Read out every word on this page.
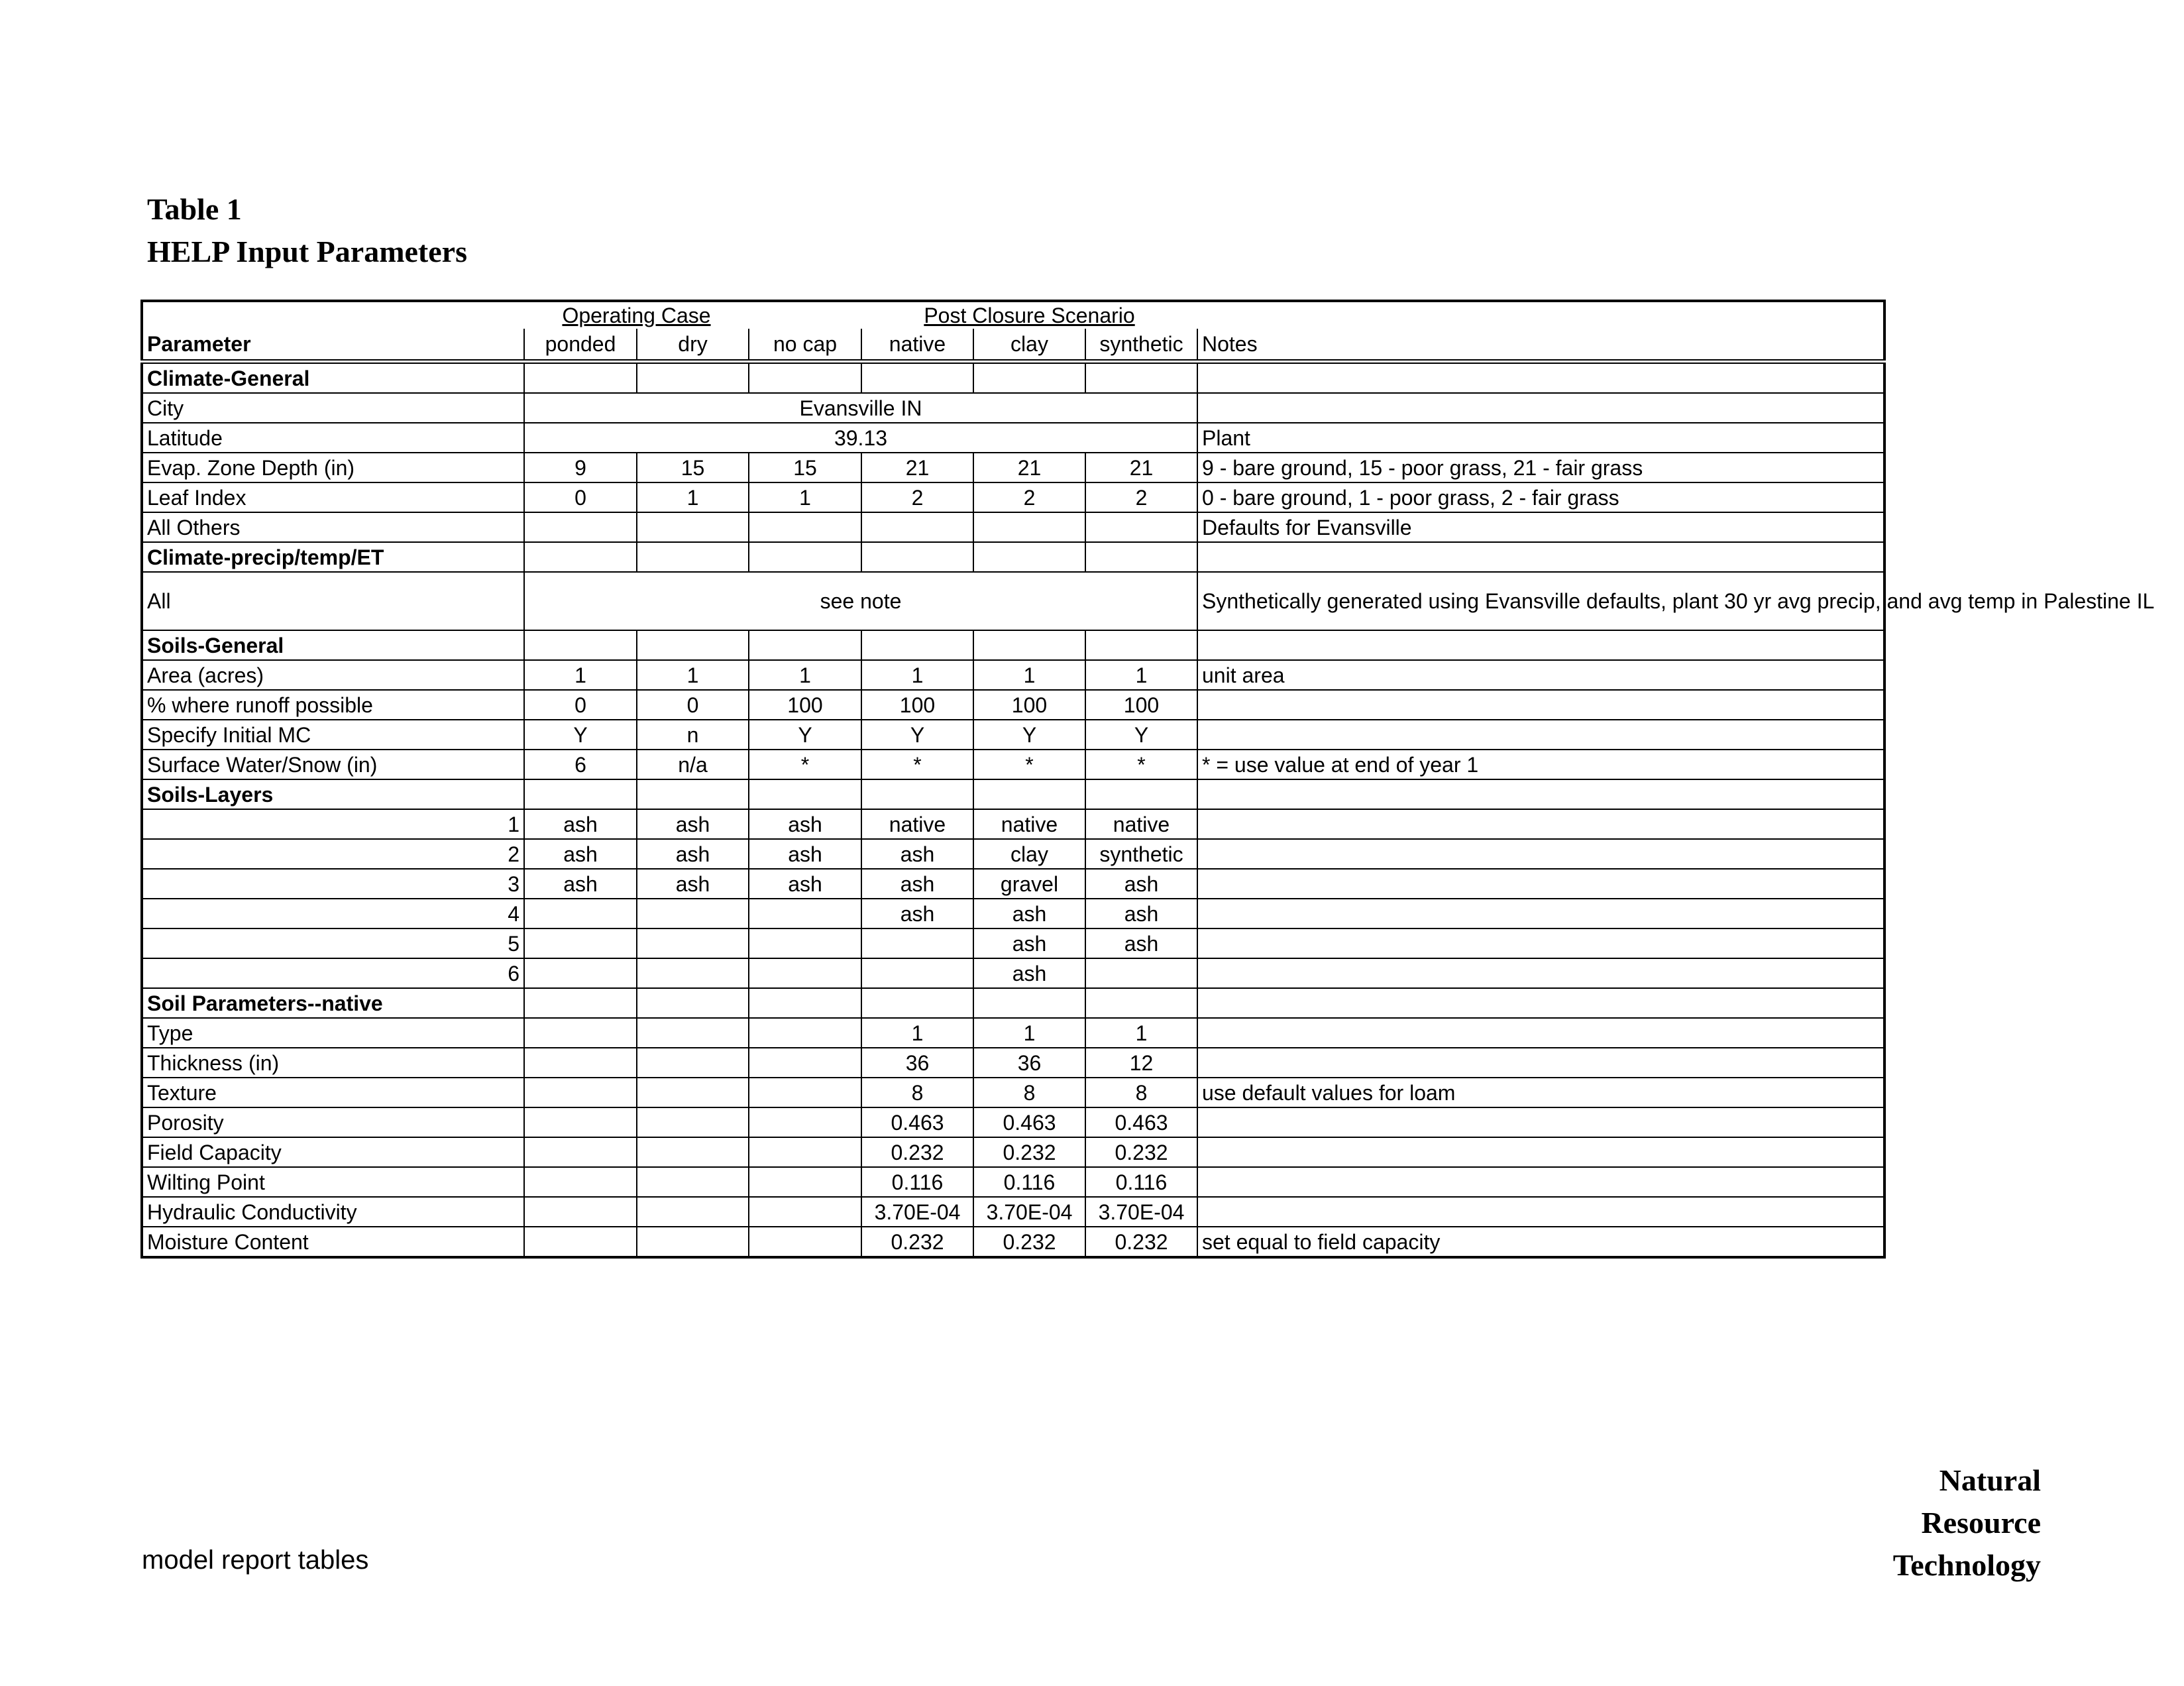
Table 1
HELP Input Parameters
	Operating Case			Post Closure Scenario			
Parameter	ponded	dry	no cap	native	clay	synthetic	Notes
Climate-General							
City	Evansville IN						
Latitude	39.13						Plant
Evap. Zone Depth (in)	9	15	15	21	21	21	9 - bare ground, 15 - poor grass, 21 - fair grass
Leaf Index	0	1	1	2	2	2	0 - bare ground, 1 - poor grass, 2 - fair grass
All Others							Defaults for Evansville
Climate-precip/temp/ET							
All	see note						Synthetically generated using Evansville defaults, plant 30 yr avg precip, and avg temp in Palestine IL
Soils-General							
Area (acres)	1	1	1	1	1	1	unit area
% where runoff possible	0	0	100	100	100	100	
Specify Initial MC	Y	n	Y	Y	Y	Y	
Surface Water/Snow (in)	6	n/a	*	*	*	*	* = use value at end of year 1
Soils-Layers							
1	ash	ash	ash	native	native	native	
2	ash	ash	ash	ash	clay	synthetic	
3	ash	ash	ash	ash	gravel	ash	
4				ash	ash	ash	
5					ash	ash	
6					ash		
Soil Parameters--native							
Type				1	1	1	
Thickness (in)				36	36	12	
Texture				8	8	8	use default values for loam
Porosity				0.463	0.463	0.463	
Field Capacity				0.232	0.232	0.232	
Wilting Point				0.116	0.116	0.116	
Hydraulic Conductivity				3.70E-04	3.70E-04	3.70E-04	
Moisture Content				0.232	0.232	0.232	set equal to field capacity
model report tables
Natural
Resource
Technology
